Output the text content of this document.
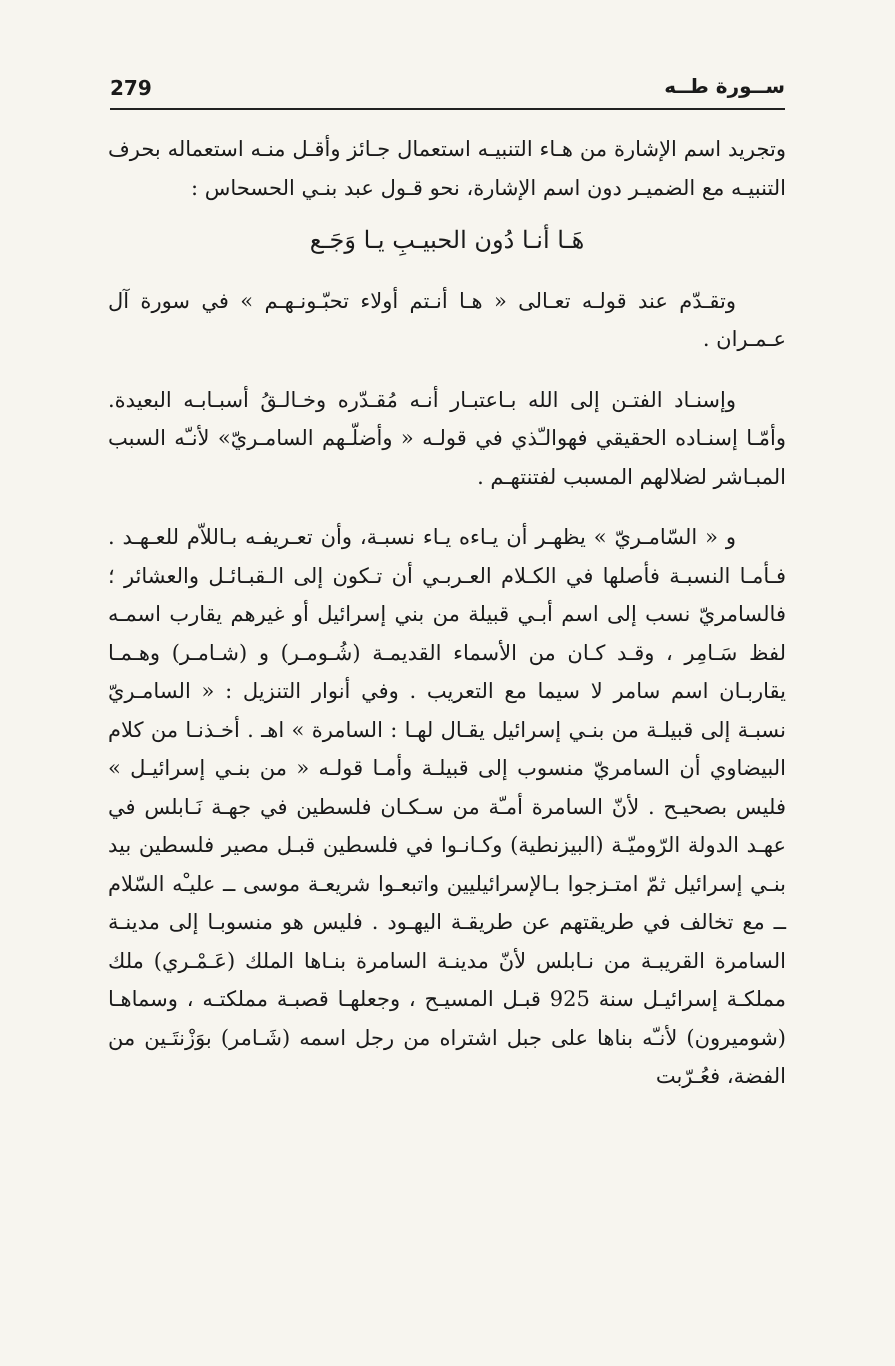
279	ســورة طــه

وتجريد اسم الإشارة من هـاء التنبيـه استعمال جـائز وأقـل منـه استعماله بحرف التنبيـه مع الضميـر دون اسم الإشارة، نحو قـول عبد بنـي الحسحاس :

هَـا أنـا دُون الحبيـبِ يـا وَجَـع

وتقـدّم عند قولـه تعـالى « هـا أنـتم أولاء تحبّـونـهـم » في سورة آل عـمـران .

وإسنـاد الفتـن إلى الله بـاعتبـار أنـه مُقـدّره وخـالـقُ أسبـابـه البعيدة. وأمّـا إسنـاده الحقيقي فهوالـّذي في قولـه « وأضلّـهم السامـريّ» لأنـّه السبب المبـاشر لضلالهم المسبب لفتنتهـم .

و « السّامـريّ » يظهـر أن يـاءه يـاء نسبـة، وأن تعـريفـه بـاللاّم للعـهـد . فـأمـا النسبـة فأصلها في الكـلام العـربـي أن تـكون إلى الـقبـائـل والعشائر ؛فالسامريّ نسب إلى اسم أبـي قبيلة من بني إسرائيل أو غيرهم يقارب اسمـه لفظ سَـامِر ، وقـد كـان من الأسماء القديمـة (شُـومـر) و (شـامـر) وهـمـا يقاربـان اسم سامر لا سيما مع التعريب . وفي أنوار التنزيل : « السامـريّ نسبـة إلى قبيلـة من بنـي إسرائيل يقـال لهـا : السامرة » اهـ . أخـذنـا من كلام البيضاوي أن السامريّ منسوب إلى قبيلـة وأمـا قولـه « من بنـي إسرائيـل » فليس بصحيـح . لأنّ السامرة أمـّة من سـكـان فلسطين في جهـة نَـابلس في عهـد الدولة الرّوميّـة (البيزنطية) وكـانـوا في فلسطين قبـل مصير فلسطين بيد بنـي إسرائيل ثمّ امتـزجوا بـالإسرائيليين واتبعـوا شريعـة موسى ــ عليـْه السّلام ــ مع تخالف في طريقتهم عن طريقـة اليهـود . فليس هو منسوبـا إلى مدينـة السامرة القريبـة من نـابلس لأنّ مدينـة السامرة بنـاها الملك (عَـمْـري) ملك مملكـة إسرائيـل سنة 925 قبـل المسيـح ، وجعلهـا قصبـة مملكتـه ، وسماهـا (شوميرون) لأنـّه بناها على جبل اشتراه من رجل اسمه (شَـامر) بوَزْنتَـين من الفضة، فعُـرّبت
